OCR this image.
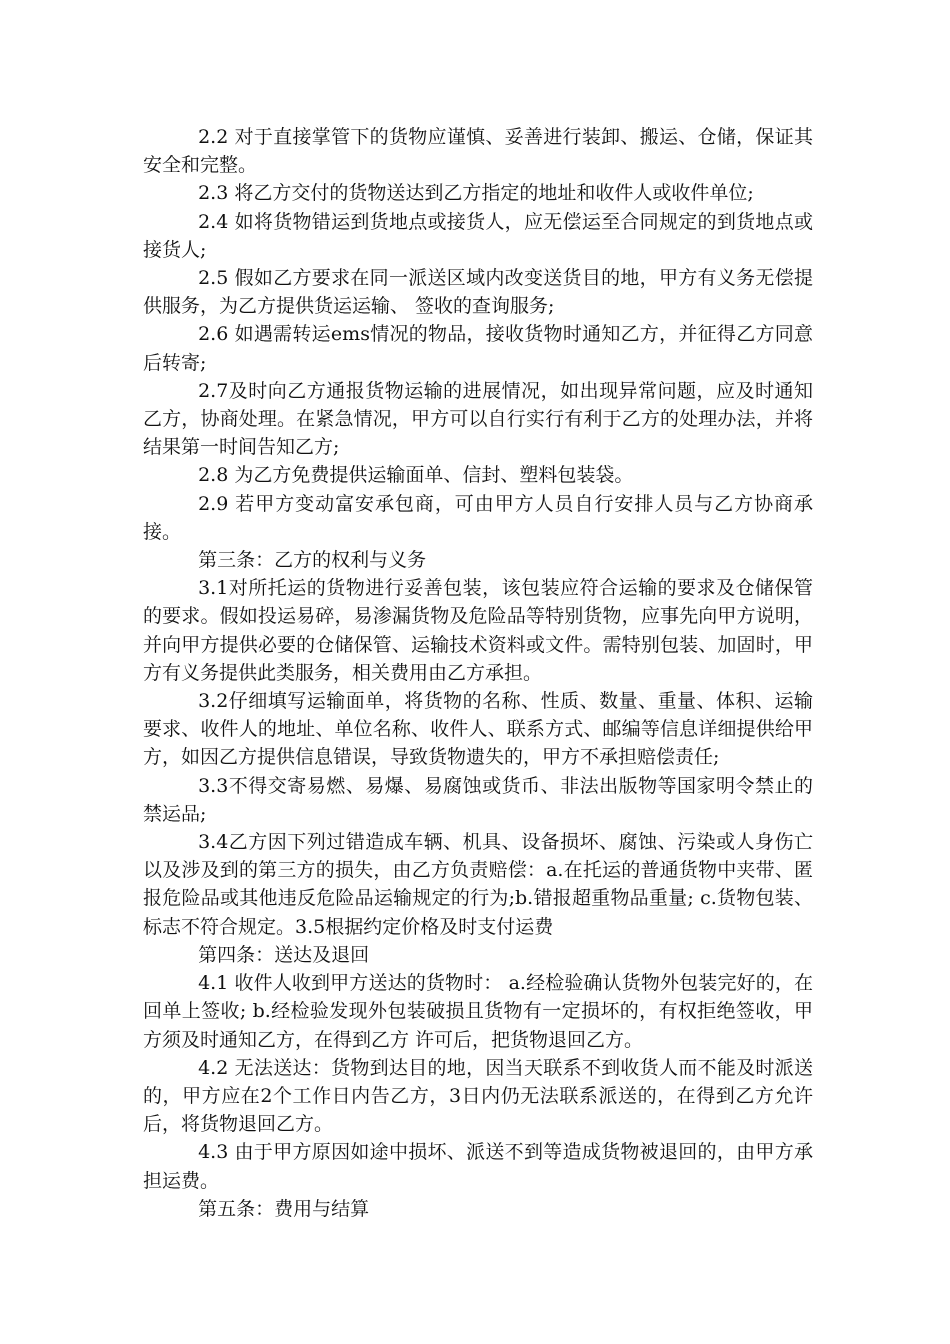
2.2 对于直接掌管下的货物应谨慎、妥善进行装卸、搬运、仓储，保证其安全和完整。

2.3 将乙方交付的货物送达到乙方指定的地址和收件人或收件单位;

2.4 如将货物错运到货地点或接货人，应无偿运至合同规定的到货地点或接货人;

2.5 假如乙方要求在同一派送区域内改变送货目的地，甲方有义务无偿提供服务，为乙方提供货运运输、 签收的查询服务;

2.6 如遇需转运ems情况的物品，接收货物时通知乙方，并征得乙方同意后转寄;

2.7及时向乙方通报货物运输的进展情况，如出现异常问题，应及时通知乙方，协商处理。在紧急情况，甲方可以自行实行有利于乙方的处理办法，并将结果第一时间告知乙方;

2.8 为乙方免费提供运输面单、信封、塑料包装袋。

2.9 若甲方变动富安承包商，可由甲方人员自行安排人员与乙方协商承接。

第三条：乙方的权利与义务

3.1对所托运的货物进行妥善包装，该包装应符合运输的要求及仓储保管的要求。假如投运易碎，易渗漏货物及危险品等特别货物，应事先向甲方说明，并向甲方提供必要的仓储保管、运输技术资料或文件。需特别包装、加固时，甲方有义务提供此类服务，相关费用由乙方承担。

3.2仔细填写运输面单，将货物的名称、性质、数量、重量、体积、运输要求、收件人的地址、单位名称、收件人、联系方式、邮编等信息详细提供给甲方，如因乙方提供信息错误，导致货物遗失的，甲方不承担赔偿责任;

3.3不得交寄易燃、易爆、易腐蚀或货币、非法出版物等国家明令禁止的禁运品;

3.4乙方因下列过错造成车辆、机具、设备损坏、腐蚀、污染或人身伤亡以及涉及到的第三方的损失，由乙方负责赔偿：a.在托运的普通货物中夹带、匿报危险品或其他违反危险品运输规定的行为;b.错报超重物品重量; c.货物包装、标志不符合规定。3.5根据约定价格及时支付运费

第四条：送达及退回

4.1 收件人收到甲方送达的货物时： a.经检验确认货物外包装完好的，在回单上签收; b.经检验发现外包装破损且货物有一定损坏的，有权拒绝签收，甲方须及时通知乙方，在得到乙方 许可后，把货物退回乙方。

4.2 无法送达：货物到达目的地，因当天联系不到收货人而不能及时派送的，甲方应在2个工作日内告乙方，3日内仍无法联系派送的，在得到乙方允许后，将货物退回乙方。

4.3 由于甲方原因如途中损坏、派送不到等造成货物被退回的，由甲方承担运费。

第五条：费用与结算
